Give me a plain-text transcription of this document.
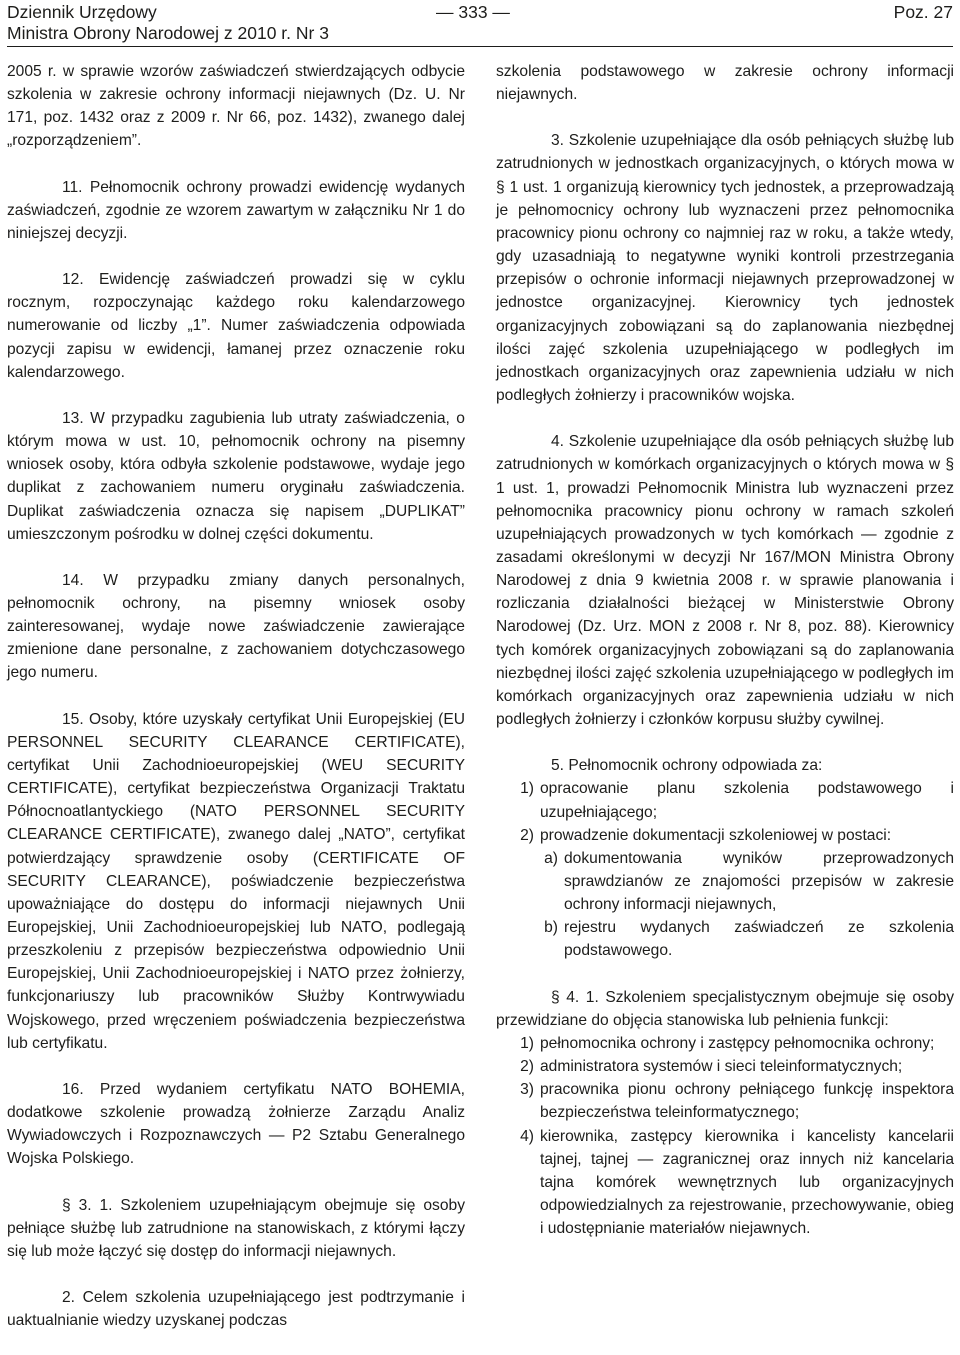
Dziennik Urzędowy
Ministra Obrony Narodowej z 2010 r. Nr 3
— 333 —	Poz. 27

2005 r. w sprawie wzorów zaświadczeń stwierdzających odbycie szkolenia w zakresie ochrony informacji niejawnych (Dz. U. Nr 171, poz. 1432 oraz z 2009 r. Nr 66, poz. 1432), zwanego dalej „rozporządzeniem”.

11. Pełnomocnik ochrony prowadzi ewidencję wydanych zaświadczeń, zgodnie ze wzorem zawartym w załączniku Nr 1 do niniejszej decyzji.

12. Ewidencję zaświadczeń prowadzi się w cyklu rocznym, rozpoczynając każdego roku kalendarzowego numerowanie od liczby „1”. Numer zaświadczenia odpowiada pozycji zapisu w ewidencji, łamanej przez oznaczenie roku kalendarzowego.

13. W przypadku zagubienia lub utraty zaświadczenia, o którym mowa w ust. 10, pełnomocnik ochrony na pisemny wniosek osoby, która odbyła szkolenie podstawowe, wydaje jego duplikat z zachowaniem numeru oryginału zaświadczenia. Duplikat zaświadczenia oznacza się napisem „DUPLIKAT” umieszczonym pośrodku w dolnej części dokumentu.

14. W przypadku zmiany danych personalnych, pełnomocnik ochrony, na pisemny wniosek osoby zainteresowanej, wydaje nowe zaświadczenie zawierające zmienione dane personalne, z zachowaniem dotychczasowego jego numeru.

15. Osoby, które uzyskały certyfikat Unii Europejskiej (EU PERSONNEL SECURITY CLEARANCE CERTIFICATE), certyfikat Unii Zachodnioeuropejskiej (WEU SECURITY CERTIFICATE), certyfikat bezpieczeństwa Organizacji Traktatu Północnoatlantyckiego (NATO PERSONNEL SECURITY CLEARANCE CERTIFICATE), zwanego dalej „NATO”, certyfikat potwierdzający sprawdzenie osoby (CERTIFICATE OF SECURITY CLEARANCE), poświadczenie bezpieczeństwa upoważniające do dostępu do informacji niejawnych Unii Europejskiej, Unii Zachodnioeuropejskiej lub NATO, podlegają przeszkoleniu z przepisów bezpieczeństwa odpowiednio Unii Europejskiej, Unii Zachodnioeuropejskiej i NATO przez żołnierzy, funkcjonariuszy lub pracowników Służby Kontrwywiadu Wojskowego, przed wręczeniem poświadczenia bezpieczeństwa lub certyfikatu.

16. Przed wydaniem certyfikatu NATO BOHEMIA, dodatkowe szkolenie prowadzą żołnierze Zarządu Analiz Wywiadowczych i Rozpoznawczych — P2 Sztabu Generalnego Wojska Polskiego.

§ 3. 1. Szkoleniem uzupełniającym obejmuje się osoby pełniące służbę lub zatrudnione na stanowiskach, z którymi łączy się lub może łączyć się dostęp do informacji niejawnych.

2. Celem szkolenia uzupełniającego jest podtrzymanie i uaktualnianie wiedzy uzyskanej podczas

szkolenia podstawowego w zakresie ochrony informacji niejawnych.

3. Szkolenie uzupełniające dla osób pełniących służbę lub zatrudnionych w jednostkach organizacyjnych, o których mowa w § 1 ust. 1 organizują kierownicy tych jednostek, a przeprowadzają je pełnomocnicy ochrony lub wyznaczeni przez pełnomocnika pracownicy pionu ochrony co najmniej raz w roku, a także wtedy, gdy uzasadniają to negatywne wyniki kontroli przestrzegania przepisów o ochronie informacji niejawnych przeprowadzonej w jednostce organizacyjnej. Kierownicy tych jednostek organizacyjnych zobowiązani są do zaplanowania niezbędnej ilości zajęć szkolenia uzupełniającego w podległych im jednostkach organizacyjnych oraz zapewnienia udziału w nich podległych żołnierzy i pracowników wojska.

4. Szkolenie uzupełniające dla osób pełniących służbę lub zatrudnionych w komórkach organizacyjnych o których mowa w § 1 ust. 1, prowadzi Pełnomocnik Ministra lub wyznaczeni przez pełnomocnika pracownicy pionu ochrony w ramach szkoleń uzupełniających prowadzonych w tych komórkach — zgodnie z zasadami określonymi w decyzji Nr 167/MON Ministra Obrony Narodowej z dnia 9 kwietnia 2008 r. w sprawie planowania i rozliczania działalności bieżącej w Ministerstwie Obrony Narodowej (Dz. Urz. MON z 2008 r. Nr 8, poz. 88). Kierownicy tych komórek organizacyjnych zobowiązani są do zaplanowania niezbędnej ilości zajęć szkolenia uzupełniającego w podległych im komórkach organizacyjnych oraz zapewnienia udziału w nich podległych żołnierzy i członków korpusu służby cywilnej.

5. Pełnomocnik ochrony odpowiada za:

1) opracowanie planu szkolenia podstawowego i uzupełniającego;
2) prowadzenie dokumentacji szkoleniowej w postaci:
a) dokumentowania wyników przeprowadzonych sprawdzianów ze znajomości przepisów w zakresie ochrony informacji niejawnych,
b) rejestru wydanych zaświadczeń ze szkolenia podstawowego.

§ 4. 1. Szkoleniem specjalistycznym obejmuje się osoby przewidziane do objęcia stanowiska lub pełnienia funkcji:

1) pełnomocnika ochrony i zastępcy pełnomocnika ochrony;
2) administratora systemów i sieci teleinformatycznych;
3) pracownika pionu ochrony pełniącego funkcję inspektora bezpieczeństwa teleinformatycznego;
4) kierownika, zastępcy kierownika i kancelisty kancelarii tajnej, tajnej — zagranicznej oraz innych niż kancelaria tajna komórek wewnętrznych lub organizacyjnych odpowiedzialnych za rejestrowanie, przechowywanie, obieg i udostępnianie materiałów niejawnych.
